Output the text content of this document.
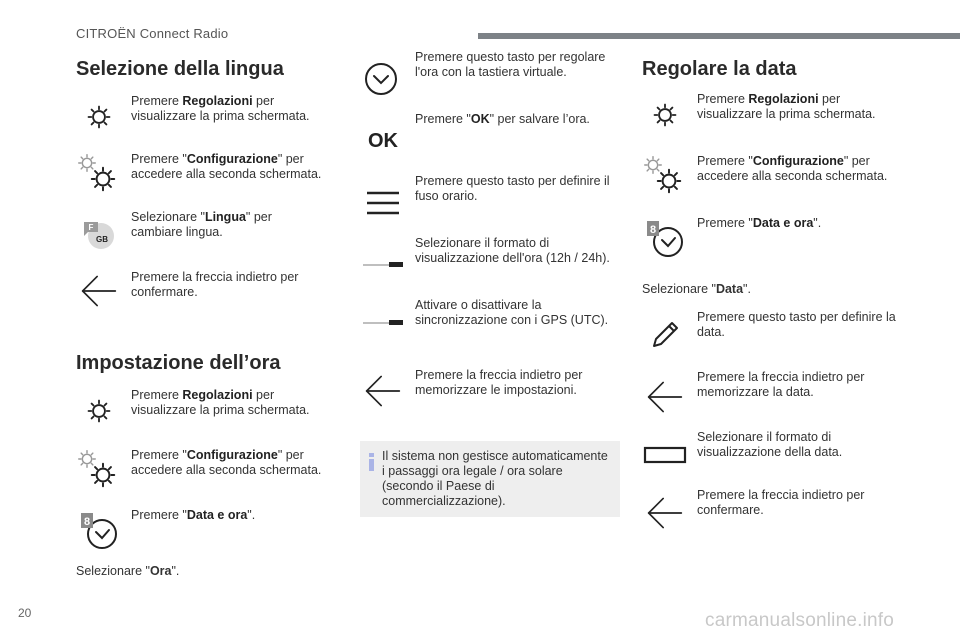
CITROËN Connect Radio
Selezione della lingua
Premere Regolazioni per visualizzare la prima schermata.
Premere "Configurazione" per accedere alla seconda schermata.
F
GB
Selezionare "Lingua" per cambiare lingua.
Premere la freccia indietro per confermare.
Impostazione dell’ora
Premere Regolazioni per visualizzare la prima schermata.
Premere "Configurazione" per accedere alla seconda schermata.
8	Premere "Data e ora".
Selezionare "Ora".
Premere questo tasto per regolare l'ora con la tastiera virtuale.
OK
Premere "OK" per salvare l’ora.
Premere questo tasto per definire il fuso orario.
Selezionare il formato di visualizzazione dell'ora (12h / 24h).
Attivare o disattivare la sincronizzazione con i GPS (UTC).
Premere la freccia indietro per memorizzare le impostazioni.
Il sistema non gestisce automaticamente i passaggi ora legale / ora solare (secondo il Paese di commercializzazione).
Regolare la data
Premere Regolazioni per visualizzare la prima schermata.
Premere "Configurazione" per accedere alla seconda schermata.
8	Premere "Data e ora".
Selezionare "Data".
Premere questo tasto per definire la data.
Premere la freccia indietro per memorizzare la data.
Selezionare il formato di visualizzazione della data.
Premere la freccia indietro per confermare.
20	carmanualsonline.info
